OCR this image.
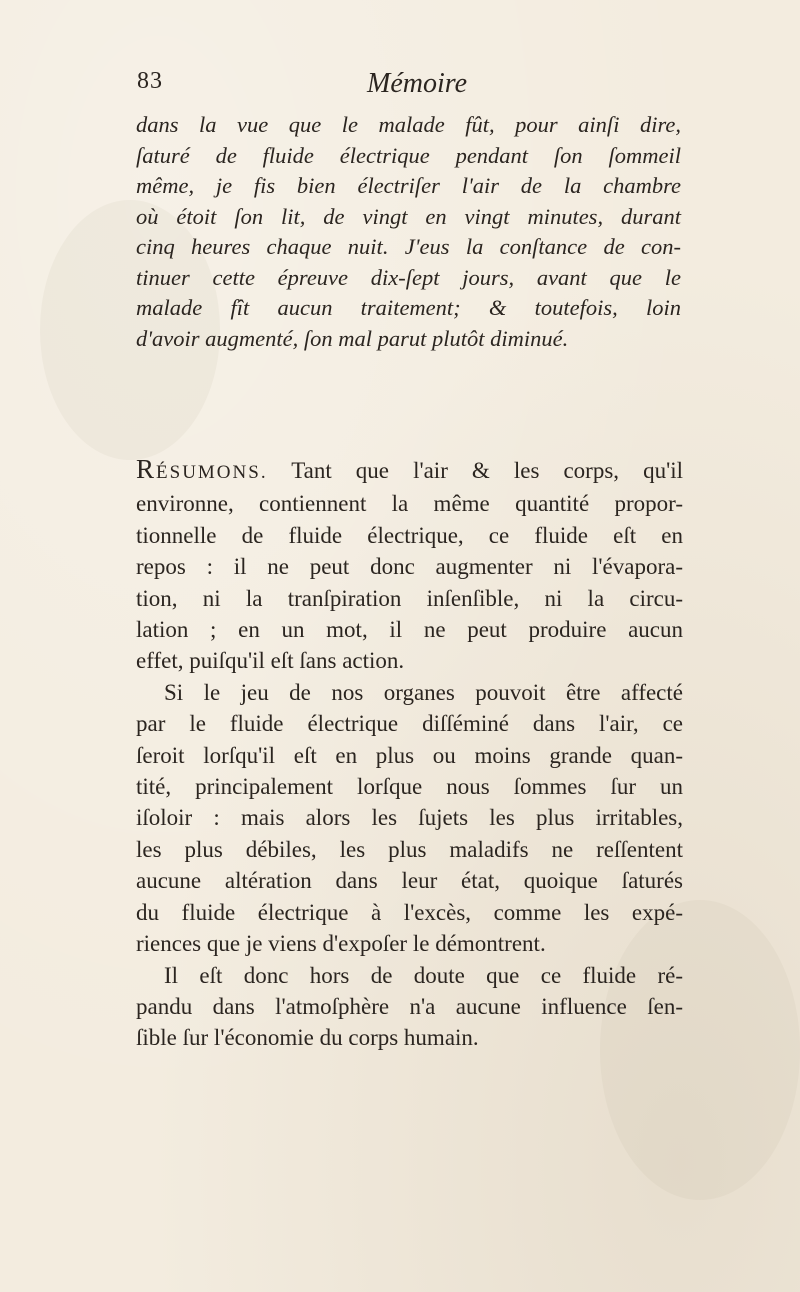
83	Mémoire
dans la vue que le malade fût, pour ainſi dire,
ſaturé de fluide électrique pendant ſon ſommeil
même, je fis bien électriſer l'air de la chambre
où étoit ſon lit, de vingt en vingt minutes, durant
cinq heures chaque nuit. J'eus la conſtance de con-
tinuer cette épreuve dix-ſept jours, avant que le
malade fît aucun traitement; & toutefois, loin
d'avoir augmenté, ſon mal parut plutôt diminué.
RÉSUMONS. Tant que l'air & les corps, qu'il
environne, contiennent la même quantité propor-
tionnelle de fluide électrique, ce fluide eſt en
repos : il ne peut donc augmenter ni l'évapora-
tion, ni la tranſpiration inſenſible, ni la circu-
lation ; en un mot, il ne peut produire aucun
effet, puiſqu'il eſt ſans action.
Si le jeu de nos organes pouvoit être affecté
par le fluide électrique diſſéminé dans l'air, ce
ſeroit lorſqu'il eſt en plus ou moins grande quan-
tité, principalement lorſque nous ſommes ſur un
iſoloir : mais alors les ſujets les plus irritables,
les plus débiles, les plus maladifs ne reſſentent
aucune altération dans leur état, quoique ſaturés
du fluide électrique à l'excès, comme les expé-
riences que je viens d'expoſer le démontrent.
Il eſt donc hors de doute que ce fluide ré-
pandu dans l'atmoſphère n'a aucune influence ſen-
ſible ſur l'économie du corps humain.
